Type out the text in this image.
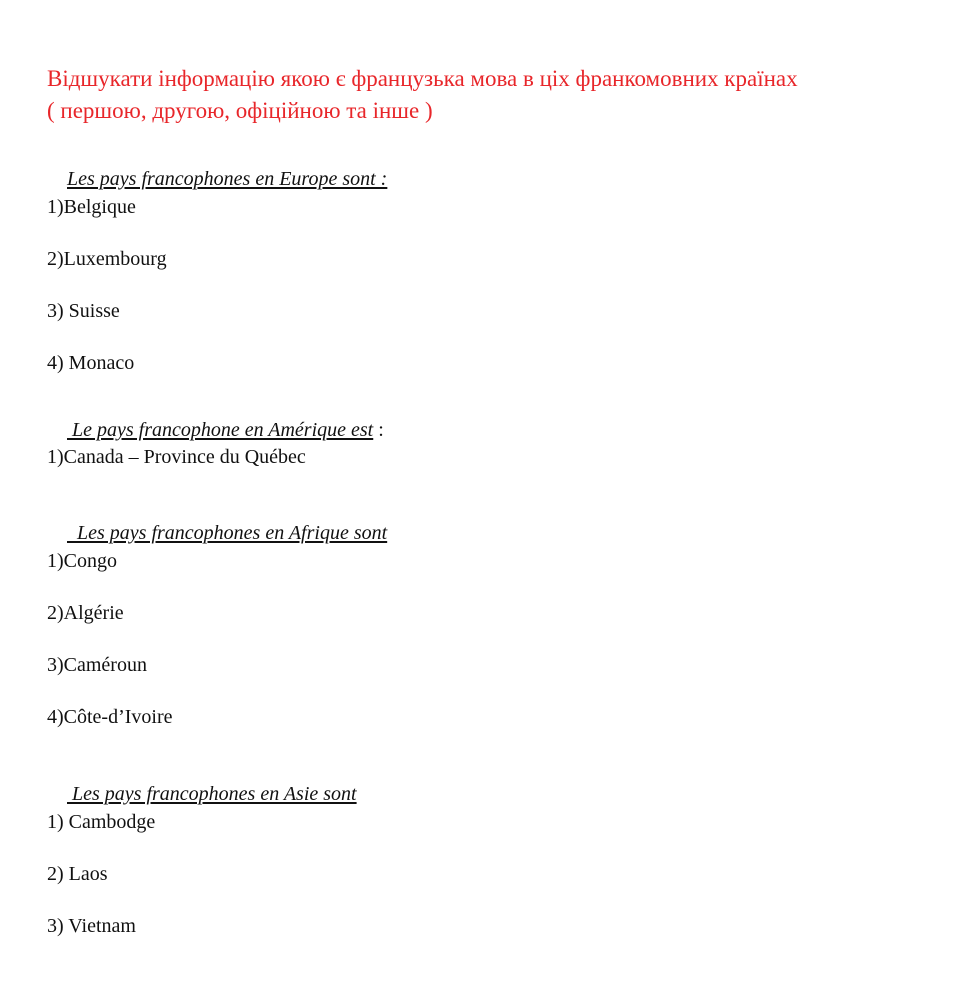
Відшукати інформацію якою є французька мова в ціх франкомовних країнах
( першою, другою, офіційною та інше )

Les pays francophones en Europe sont :

1)Belgique
2)Luxembourg
3) Suisse
4) Monaco

Le pays francophone en Amérique est :

1)Canada – Province du Québec

Les pays francophones en Afrique sont

1)Congo
2)Algérie
3)Caméroun
4)Côte-d’Ivoire

Les pays francophones en Asie sont

1) Cambodge
2) Laos
3) Vietnam
